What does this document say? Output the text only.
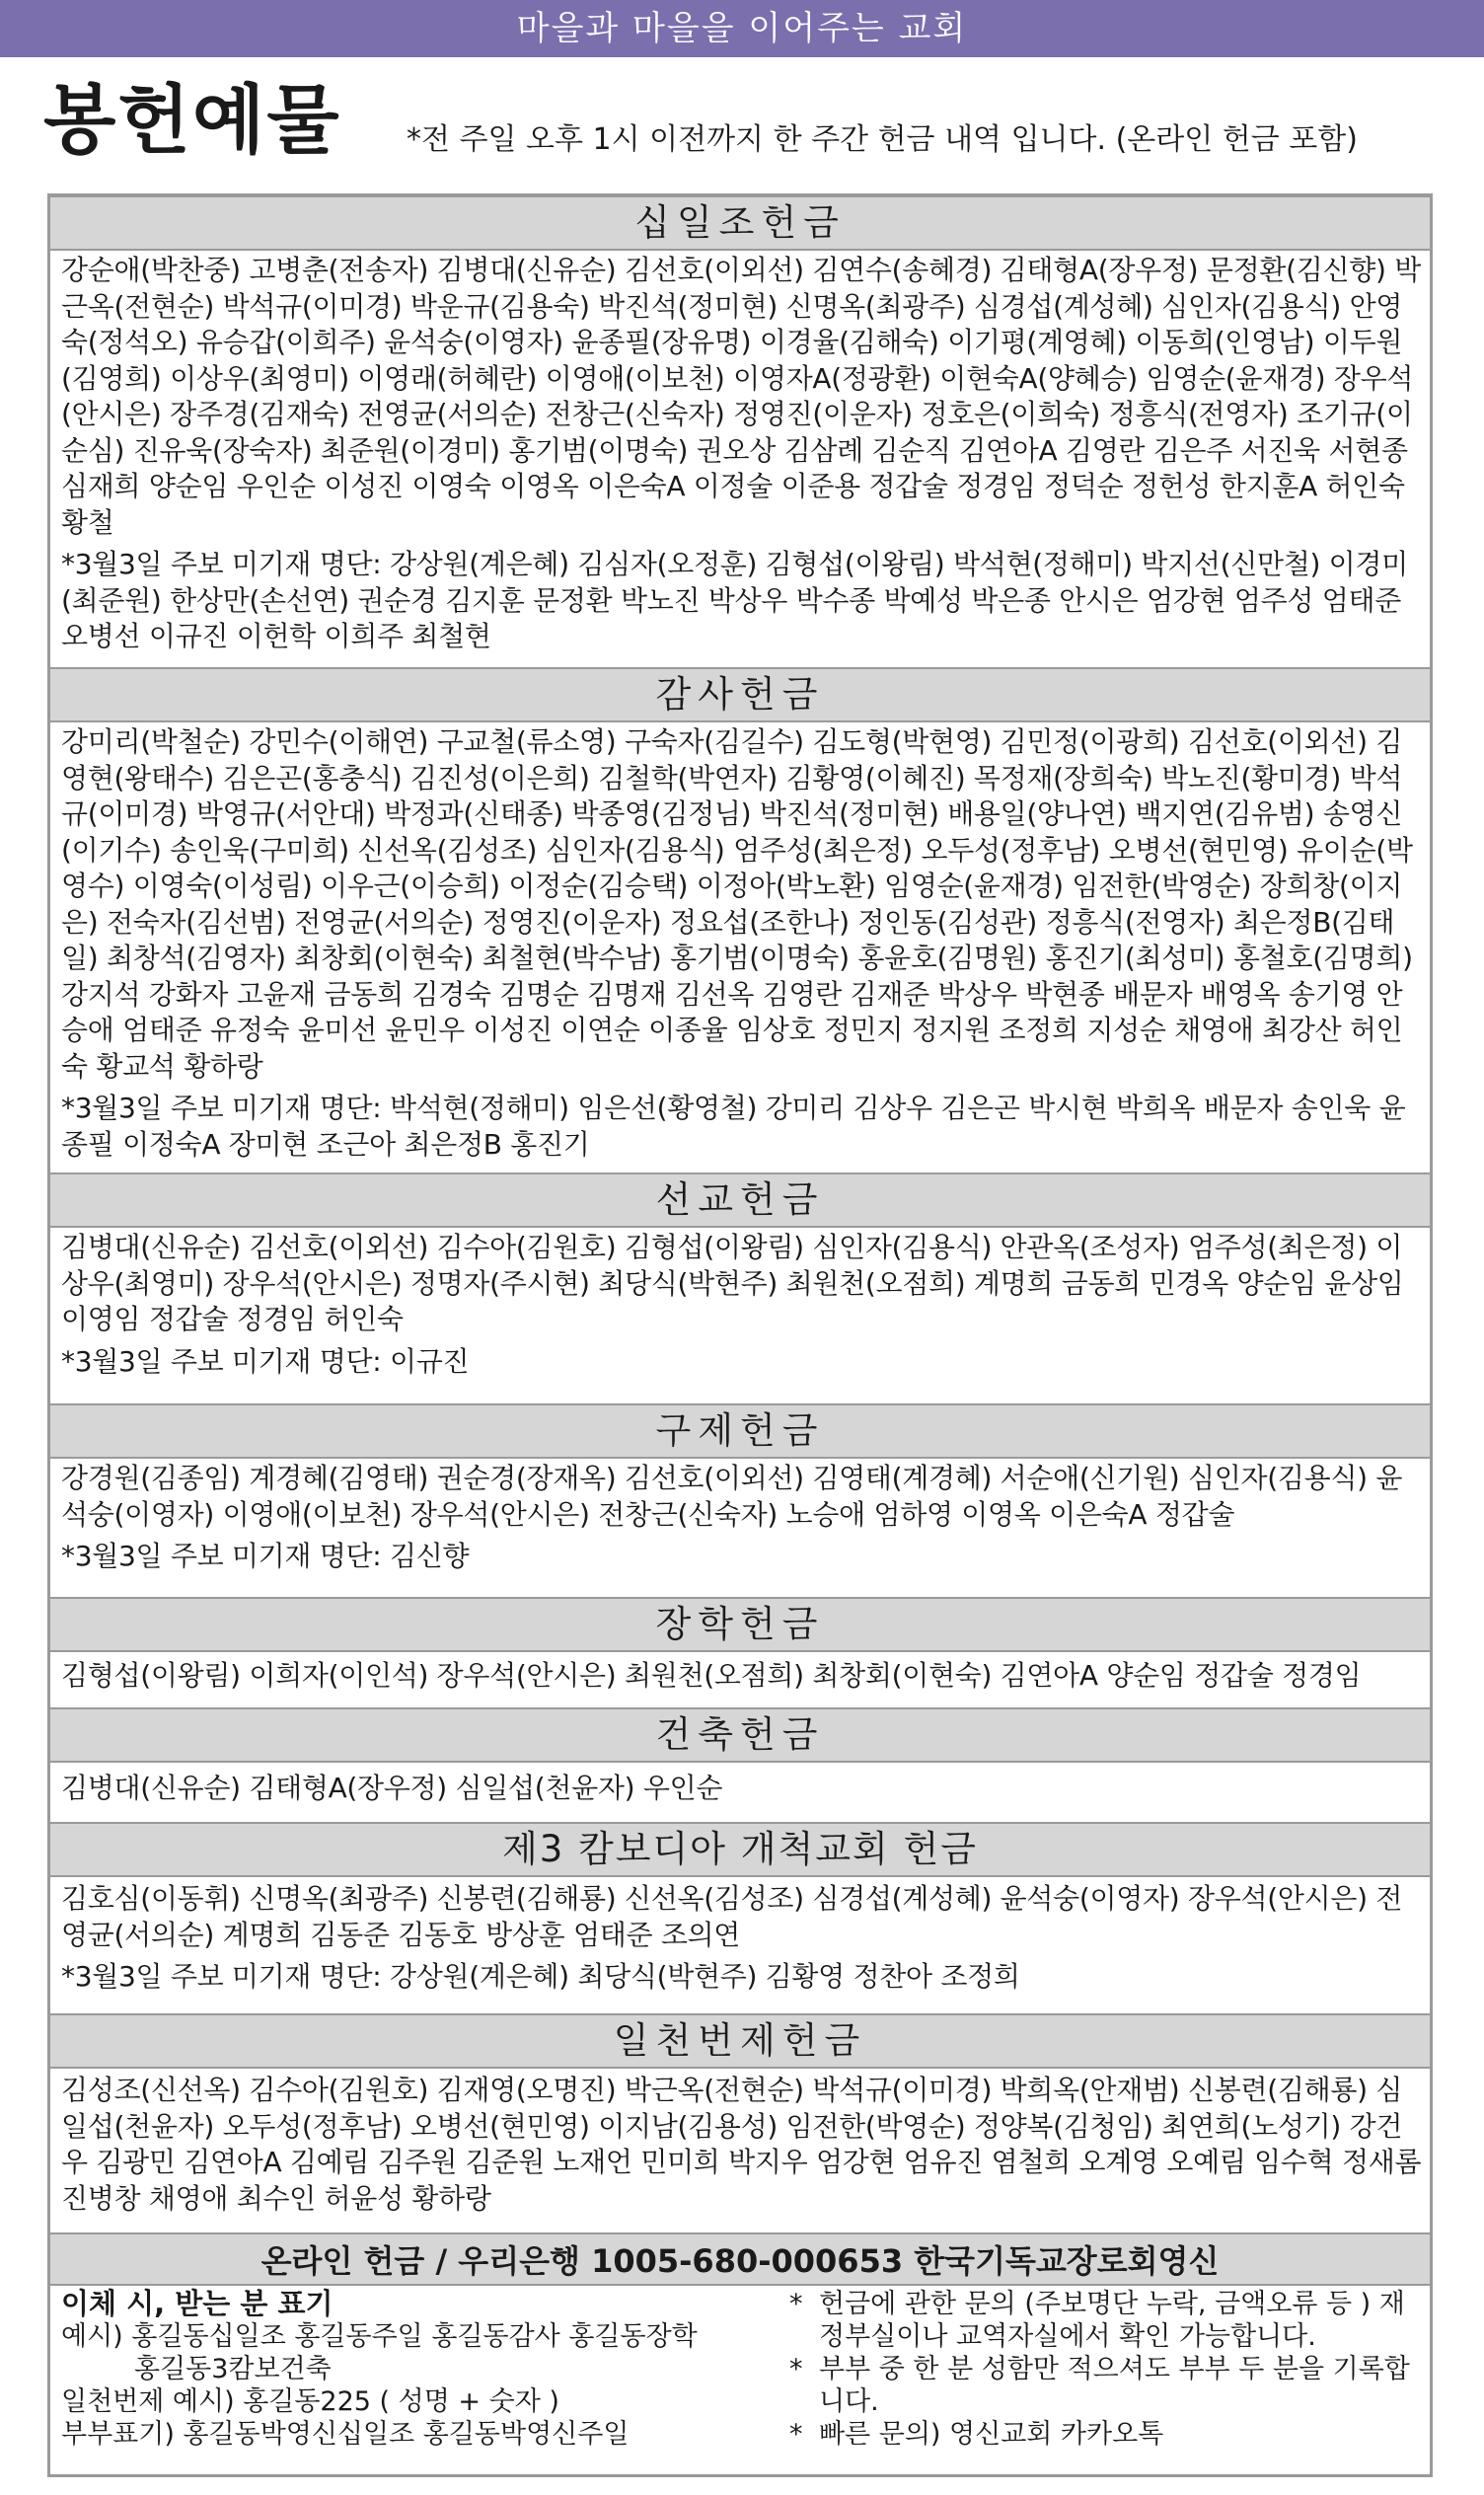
마을과 마을을 이어주는 교회
봉헌예물 *전 주일 오후 1시 이전까지 한 주간 헌금 내역 입니다. (온라인 헌금 포함)
십일조헌금
강순애(박찬중) 고병춘(전송자) 김병대(신유순) 김선호(이외선) 김연수(송혜경) 김태형A(장우정) 문정환(김신향) 박근옥(전현순) 박석규(이미경) 박운규(김용숙) 박진석(정미현) 신명옥(최광주) 심경섭(계성혜) 심인자(김용식) 안영숙(정석오) 유승갑(이희주) 윤석숭(이영자) 윤종필(장유명) 이경율(김해숙) 이기평(계영혜) 이동희(인영남) 이두원(김영희) 이상우(최영미) 이영래(허혜란) 이영애(이보천) 이영자A(정광환) 이현숙A(양혜승) 임영순(윤재경) 장우석(안시은) 장주경(김재숙) 전영균(서의순) 전창근(신숙자) 정영진(이운자) 정호은(이희숙) 정흥식(전영자) 조기규(이순심) 진유욱(장숙자) 최준원(이경미) 홍기범(이명숙) 권오상 김삼례 김순직 김연아A 김영란 김은주 서진욱 서현종 심재희 양순임 우인순 이성진 이영숙 이영옥 이은숙A 이정술 이준용 정갑술 정경임 정덕순 정헌성 한지훈A 허인숙 황철
*3월3일 주보 미기재 명단: 강상원(계은혜) 김심자(오정훈) 김형섭(이왕림) 박석현(정해미) 박지선(신만철) 이경미(최준원) 한상만(손선연) 권순경 김지훈 문정환 박노진 박상우 박수종 박예성 박은종 안시은 엄강현 엄주성 엄태준 오병선 이규진 이헌학 이희주 최철현
감사헌금
강미리(박철순) 강민수(이해연) 구교철(류소영) 구숙자(김길수) 김도형(박현영) 김민정(이광희) 김선호(이외선) 김영현(왕태수) 김은곤(홍충식) 김진성(이은희) 김철학(박연자) 김황영(이혜진) 목정재(장희숙) 박노진(황미경) 박석규(이미경) 박영규(서안대) 박정과(신태종) 박종영(김정님) 박진석(정미현) 배용일(양나연) 백지연(김유범) 송영신(이기수) 송인욱(구미희) 신선옥(김성조) 심인자(김용식) 엄주성(최은정) 오두성(정후남) 오병선(현민영) 유이순(박영수) 이영숙(이성림) 이우근(이승희) 이정순(김승택) 이정아(박노환) 임영순(윤재경) 임전한(박영순) 장희창(이지은) 전숙자(김선범) 전영균(서의순) 정영진(이운자) 정요섭(조한나) 정인동(김성관) 정흥식(전영자) 최은정B(김태일) 최창석(김영자) 최창회(이현숙) 최철현(박수남) 홍기범(이명숙) 홍윤호(김명원) 홍진기(최성미) 홍철호(김명희) 강지석 강화자 고윤재 금동희 김경숙 김명순 김명재 김선옥 김영란 김재준 박상우 박현종 배문자 배영옥 송기영 안승애 엄태준 유정숙 윤미선 윤민우 이성진 이연순 이종율 임상호 정민지 정지원 조정희 지성순 채영애 최강산 허인숙 황교석 황하랑
*3월3일 주보 미기재 명단: 박석현(정해미) 임은선(황영철) 강미리 김상우 김은곤 박시현 박희옥 배문자 송인욱 윤종필 이정숙A 장미현 조근아 최은정B 홍진기
선교헌금
김병대(신유순) 김선호(이외선) 김수아(김원호) 김형섭(이왕림) 심인자(김용식) 안관옥(조성자) 엄주성(최은정) 이상우(최영미) 장우석(안시은) 정명자(주시현) 최당식(박현주) 최원천(오점희) 계명희 금동희 민경옥 양순임 윤상임 이영임 정갑술 정경임 허인숙
*3월3일 주보 미기재 명단: 이규진
구제헌금
강경원(김종임) 계경혜(김영태) 권순경(장재옥) 김선호(이외선) 김영태(계경혜) 서순애(신기원) 심인자(김용식) 윤석숭(이영자) 이영애(이보천) 장우석(안시은) 전창근(신숙자) 노승애 엄하영 이영옥 이은숙A 정갑술
*3월3일 주보 미기재 명단: 김신향
장학헌금
김형섭(이왕림) 이희자(이인석) 장우석(안시은) 최원천(오점희) 최창회(이현숙) 김연아A 양순임 정갑술 정경임
건축헌금
김병대(신유순) 김태형A(장우정) 심일섭(천윤자) 우인순
제3 캄보디아 개척교회 헌금
김호심(이동휘) 신명옥(최광주) 신봉련(김해룡) 신선옥(김성조) 심경섭(계성혜) 윤석숭(이영자) 장우석(안시은) 전영균(서의순) 계명희 김동준 김동호 방상훈 엄태준 조의연
*3월3일 주보 미기재 명단: 강상원(계은혜) 최당식(박현주) 김황영 정찬아 조정희
일천번제헌금
김성조(신선옥) 김수아(김원호) 김재영(오명진) 박근옥(전현순) 박석규(이미경) 박희옥(안재범) 신봉련(김해룡) 심일섭(천윤자) 오두성(정후남) 오병선(현민영) 이지남(김용성) 임전한(박영순) 정양복(김청임) 최연희(노성기) 강건우 김광민 김연아A 김예림 김주원 김준원 노재언 민미희 박지우 엄강현 엄유진 염철희 오계영 오예림 임수혁 정새롬 진병창 채영애 최수인 허윤성 황하랑
온라인 헌금 / 우리은행 1005-680-000653 한국기독교장로회영신
이체 시, 받는 분 표기
예시) 홍길동십일조 홍길동주일 홍길동감사 홍길동장학
홍길동3캄보건축
일천번제 예시) 홍길동225 ( 성명 + 숫자 )
부부표기) 홍길동박영신십일조 홍길동박영신주일
* 헌금에 관한 문의 (주보명단 누락, 금액오류 등 ) 재정부실이나 교역자실에서 확인 가능합니다.
* 부부 중 한 분 성함만 적으셔도 부부 두 분을 기록합니다.
* 빠른 문의) 영신교회 카카오톡
